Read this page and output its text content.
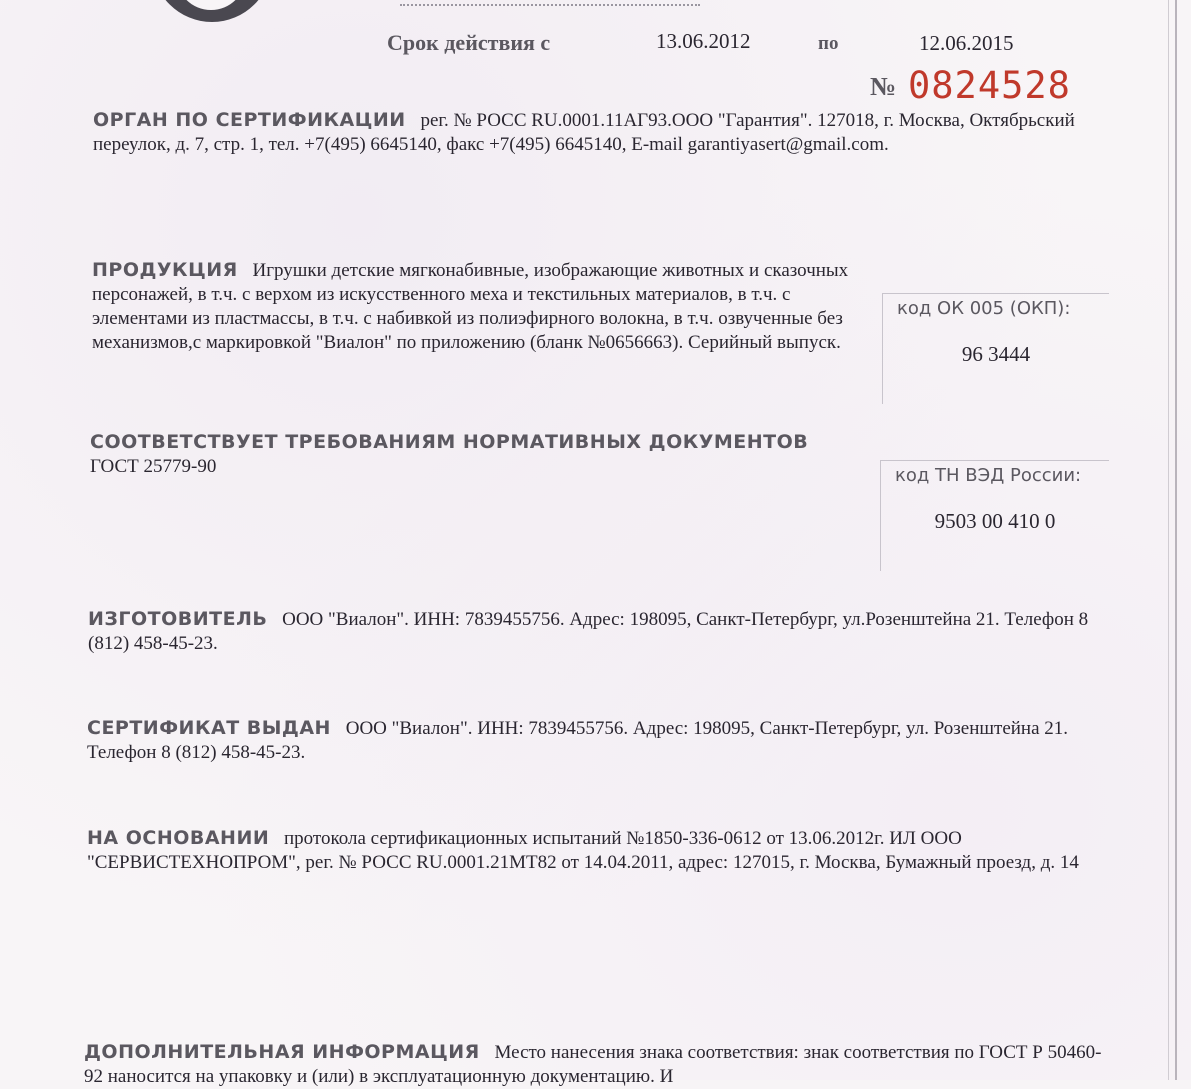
Срок действия с	13.06.2012	по	12.06.2015
№ 0824528
ОРГАН ПО СЕРТИФИКАЦИИ рег. № РОСС RU.0001.11АГ93.ООО "Гарантия". 127018, г. Москва, Октябрьский переулок, д. 7, стр. 1, тел. +7(495) 6645140, факс +7(495) 6645140, E-mail garantiyasert@gmail.com.
ПРОДУКЦИЯ Игрушки детские мягконабивные, изображающие животных и сказочных персонажей, в т.ч. с верхом из искусственного меха и текстильных материалов, в т.ч. с элементами из пластмассы, в т.ч. с набивкой из полиэфирного волокна, в т.ч. озвученные без механизмов,с маркировкой "Виалон" по приложению (бланк №0656663). Серийный выпуск.
код ОК 005 (ОКП):
96 3444
СООТВЕТСТВУЕТ ТРЕБОВАНИЯМ НОРМАТИВНЫХ ДОКУМЕНТОВ
ГОСТ 25779-90	код ТН ВЭД России:
9503 00 410 0
ИЗГОТОВИТЕЛЬ ООО "Виалон". ИНН: 7839455756. Адрес: 198095, Санкт-Петербург, ул.Розенштейна 21. Телефон 8 (812) 458-45-23.
СЕРТИФИКАТ ВЫДАН ООО "Виалон". ИНН: 7839455756. Адрес: 198095, Санкт-Петербург, ул. Розенштейна 21. Телефон 8 (812) 458-45-23.
НА ОСНОВАНИИ протокола сертификационных испытаний №1850-336-0612 от 13.06.2012г. ИЛ ООО "СЕРВИСТЕХНОПРОМ", рег. № РОСС RU.0001.21МТ82 от 14.04.2011, адрес: 127015, г. Москва, Бумажный проезд, д. 14
ДОПОЛНИТЕЛЬНАЯ ИНФОРМАЦИЯ Место нанесения знака соответствия: знак соответствия по ГОСТ Р 50460-92 наносится на упаковку и (или) в эксплуатационную документацию. И
